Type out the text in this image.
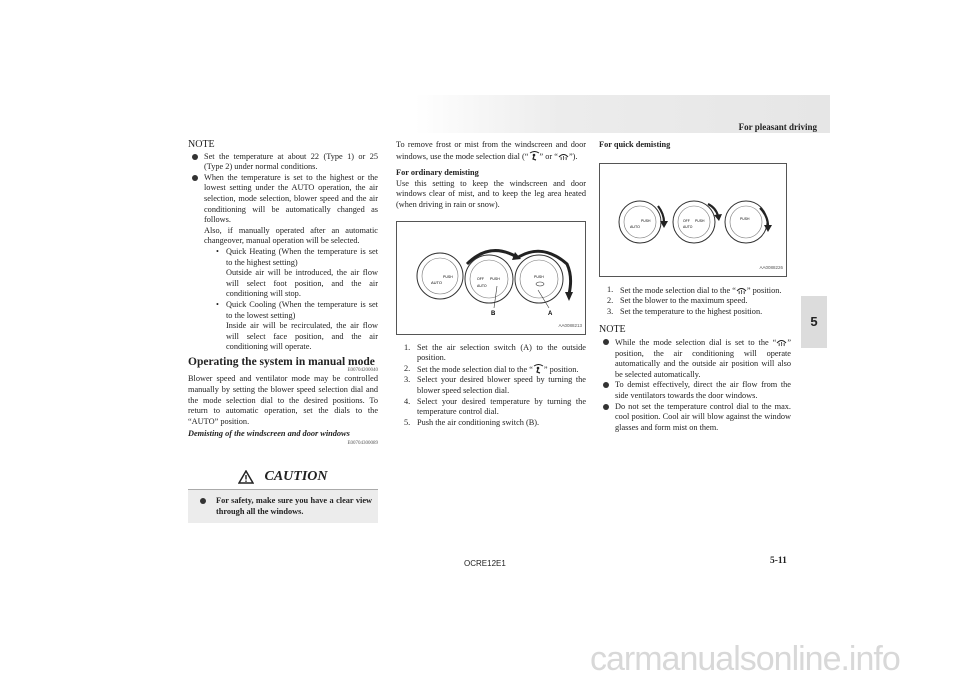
For pleasant driving
5
NOTE
Set the temperature at about 22 (Type 1) or 25 (Type 2) under normal conditions.
When the temperature is set to the highest or the lowest setting under the AUTO operation, the air selection, mode selection, blower speed and the air conditioning will be automatically changed as follows.

Also, if manually operated after an automatic changeover, manual operation will be selected.

• Quick Heating (When the temperature is set to the highest setting)

Outside air will be introduced, the air flow will select foot position, and the air conditioning will stop.

• Quick Cooling (When the temperature is set to the lowest setting)

Inside air will be recirculated, the air flow will select face position, and the air conditioning will operate.

Operating the system in manual mode
E00704200040

Blower speed and ventilator mode may be controlled manually by setting the blower speed selection dial and the mode selection dial to the desired positions. To return to automatic operation, set the dials to the “AUTO” position.

Demisting of the windscreen and door windows
E00704300089
CAUTION
For safety, make sure you have a clear view through all the windows.

To remove frost or mist from the windscreen and door windows, use the mode selection dial (“ ” or “ ”).

For ordinary demisting

Use this setting to keep the windscreen and door windows clear of mist, and to keep the leg area heated (when driving in rain or snow).

AUTO
PUSH	OFF PUSH
AUTO
PUSH
B	A
AA0088213
1. Set the air selection switch (A) to the outside position.
2. Set the mode selection dial to the “ ” position.
3. Select your desired blower speed by turning the blower speed selection dial.
4. Select your desired temperature by turning the temperature control dial.
5. Push the air conditioning switch (B).

For quick demisting

AUTO
PUSH	OFF PUSH
AUTO
PUSH
AA0088226
1. Set the mode selection dial to the “ ” position.
2. Set the blower to the maximum speed.
3. Set the temperature to the highest position.
NOTE
While the mode selection dial is set to the “ ” position, the air conditioning will operate automatically and the outside air position will also be selected automatically.
To demist effectively, direct the air flow from the side ventilators towards the door windows.
Do not set the temperature control dial to the max. cool position. Cool air will blow against the window glasses and form mist on them.
OCRE12E1	5-11
carmanualsonline.info
